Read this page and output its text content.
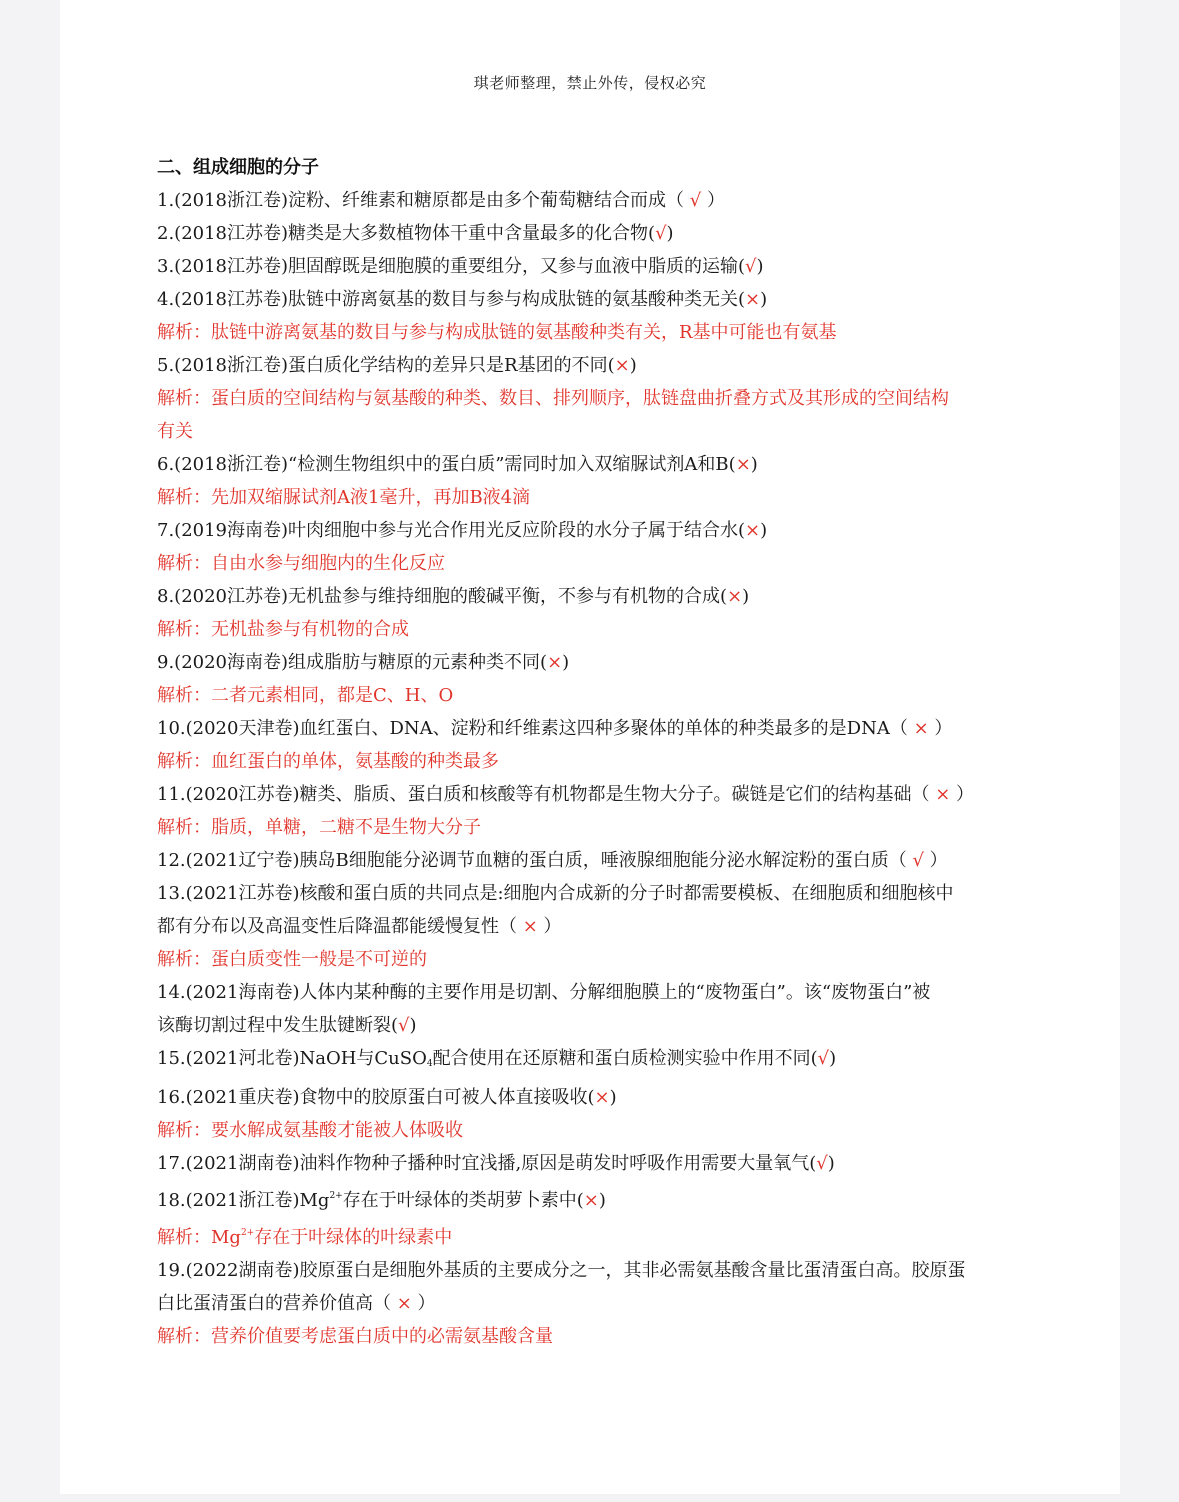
琪老师整理，禁止外传，侵权必究

二、组成细胞的分子

1.(2018浙江卷)淀粉、纤维素和糖原都是由多个葡萄糖结合而成（ √ ）

2.(2018江苏卷)糖类是大多数植物体干重中含量最多的化合物(√)

3.(2018江苏卷)胆固醇既是细胞膜的重要组分，又参与血液中脂质的运输(√)

4.(2018江苏卷)肽链中游离氨基的数目与参与构成肽链的氨基酸种类无关(×)

解析：肽链中游离氨基的数目与参与构成肽链的氨基酸种类有关，R基中可能也有氨基

5.(2018浙江卷)蛋白质化学结构的差异只是R基团的不同(×)

解析：蛋白质的空间结构与氨基酸的种类、数目、排列顺序，肽链盘曲折叠方式及其形成的空间结构

有关

6.(2018浙江卷)“检测生物组织中的蛋白质”需同时加入双缩脲试剂A和B(×)

解析：先加双缩脲试剂A液1毫升，再加B液4滴

7.(2019海南卷)叶肉细胞中参与光合作用光反应阶段的水分子属于结合水(×)

解析：自由水参与细胞内的生化反应

8.(2020江苏卷)无机盐参与维持细胞的酸碱平衡，不参与有机物的合成(×)

解析：无机盐参与有机物的合成

9.(2020海南卷)组成脂肪与糖原的元素种类不同(×)

解析：二者元素相同，都是C、H、O

10.(2020天津卷)血红蛋白、DNA、淀粉和纤维素这四种多聚体的单体的种类最多的是DNA（ × ）

解析：血红蛋白的单体，氨基酸的种类最多

11.(2020江苏卷)糖类、脂质、蛋白质和核酸等有机物都是生物大分子。碳链是它们的结构基础（ × ）

解析：脂质，单糖，二糖不是生物大分子

12.(2021辽宁卷)胰岛B细胞能分泌调节血糖的蛋白质，唾液腺细胞能分泌水解淀粉的蛋白质（ √ ）

13.(2021江苏卷)核酸和蛋白质的共同点是:细胞内合成新的分子时都需要模板、在细胞质和细胞核中

都有分布以及高温变性后降温都能缓慢复性（ × ）

解析：蛋白质变性一般是不可逆的

14.(2021海南卷)人体内某种酶的主要作用是切割、分解细胞膜上的“废物蛋白”。该“废物蛋白”被

该酶切割过程中发生肽键断裂(√)

15.(2021河北卷)NaOH与CuSO$_4$配合使用在还原糖和蛋白质检测实验中作用不同(√)

16.(2021重庆卷)食物中的胶原蛋白可被人体直接吸收(×)

解析：要水解成氨基酸才能被人体吸收

17.(2021湖南卷)油料作物种子播种时宜浅播,原因是萌发时呼吸作用需要大量氧气(√)

18.(2021浙江卷)$Mg^{2+}$存在于叶绿体的类胡萝卜素中(×)

解析：$Mg^{2+}$存在于叶绿体的叶绿素中

19.(2022湖南卷)胶原蛋白是细胞外基质的主要成分之一，其非必需氨基酸含量比蛋清蛋白高。胶原蛋

白比蛋清蛋白的营养价值高（ × ）

解析：营养价值要考虑蛋白质中的必需氨基酸含量
